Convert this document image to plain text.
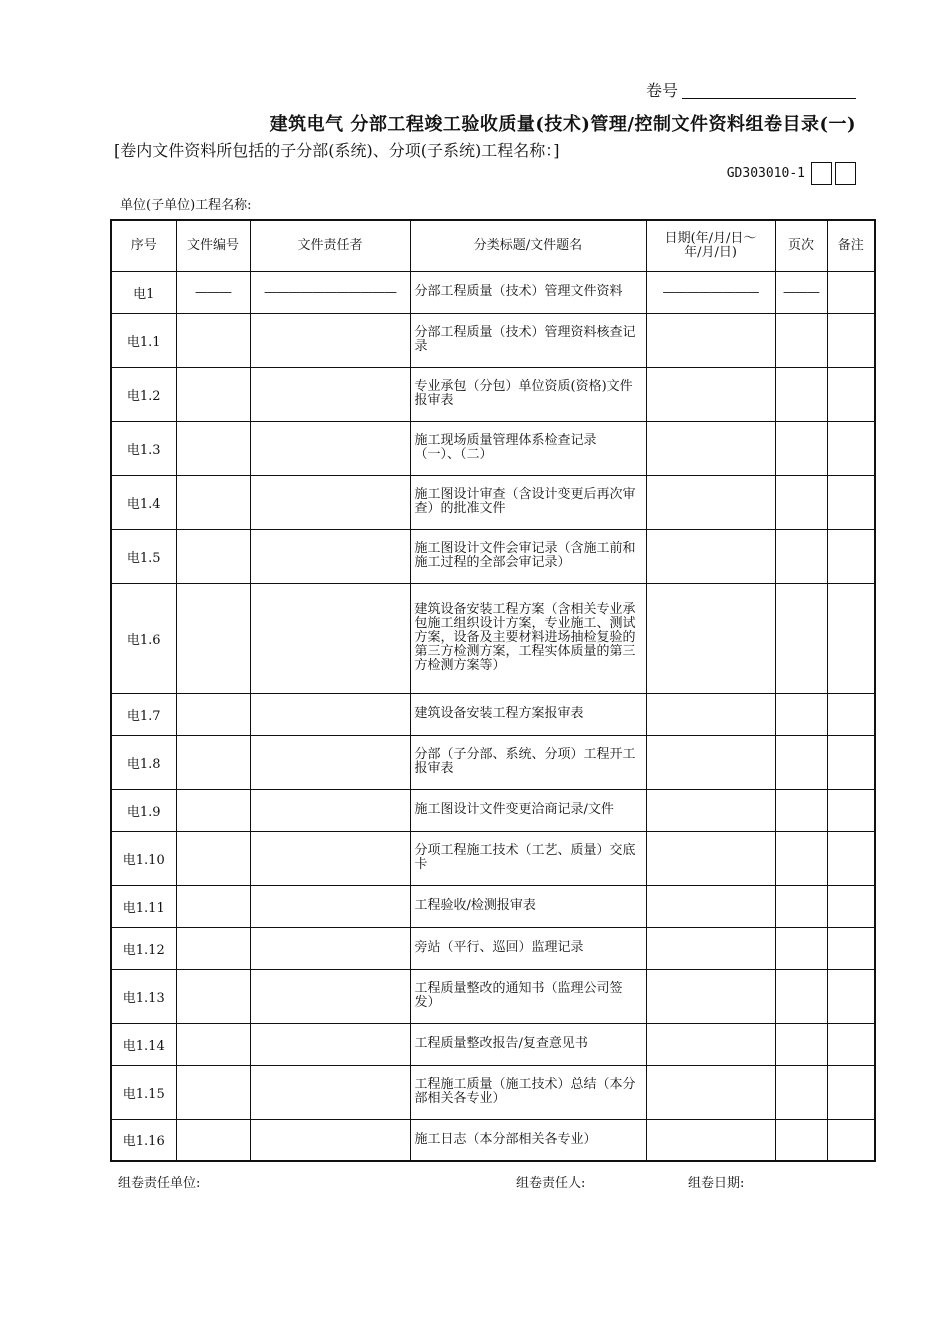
卷号
建筑电气 分部工程竣工验收质量(技术)管理/控制文件资料组卷目录(一)
[卷内文件资料所包括的子分部(系统)、分项(子系统)工程名称：]
GD303010-1
单位(子单位)工程名称:
序号	文件编号	文件责任者	分类标题/文件题名	日期(年/月/日～年/月/日)	页次	备注
电1	———	———————————	分部工程质量（技术）管理文件资料	————————	———	
电1.1			分部工程质量（技术）管理资料核查记录			
电1.2			专业承包（分包）单位资质(资格)文件报审表			
电1.3			施工现场质量管理体系检查记录（一）、（二）			
电1.4			施工图设计审查（含设计变更后再次审查）的批准文件			
电1.5			施工图设计文件会审记录（含施工前和施工过程的全部会审记录）			
电1.6			建筑设备安装工程方案（含相关专业承包施工组织设计方案，专业施工、测试方案，设备及主要材料进场抽检复验的第三方检测方案，工程实体质量的第三方检测方案等）			
电1.7			建筑设备安装工程方案报审表			
电1.8			分部（子分部、系统、分项）工程开工报审表			
电1.9			施工图设计文件变更洽商记录/文件			
电1.10			分项工程施工技术（工艺、质量）交底卡			
电1.11			工程验收/检测报审表			
电1.12			旁站（平行、巡回）监理记录			
电1.13			工程质量整改的通知书（监理公司签发）			
电1.14			工程质量整改报告/复查意见书			
电1.15			工程施工质量（施工技术）总结（本分部相关各专业）			
电1.16			施工日志（本分部相关各专业）			
组卷责任单位:	组卷责任人:	组卷日期:
